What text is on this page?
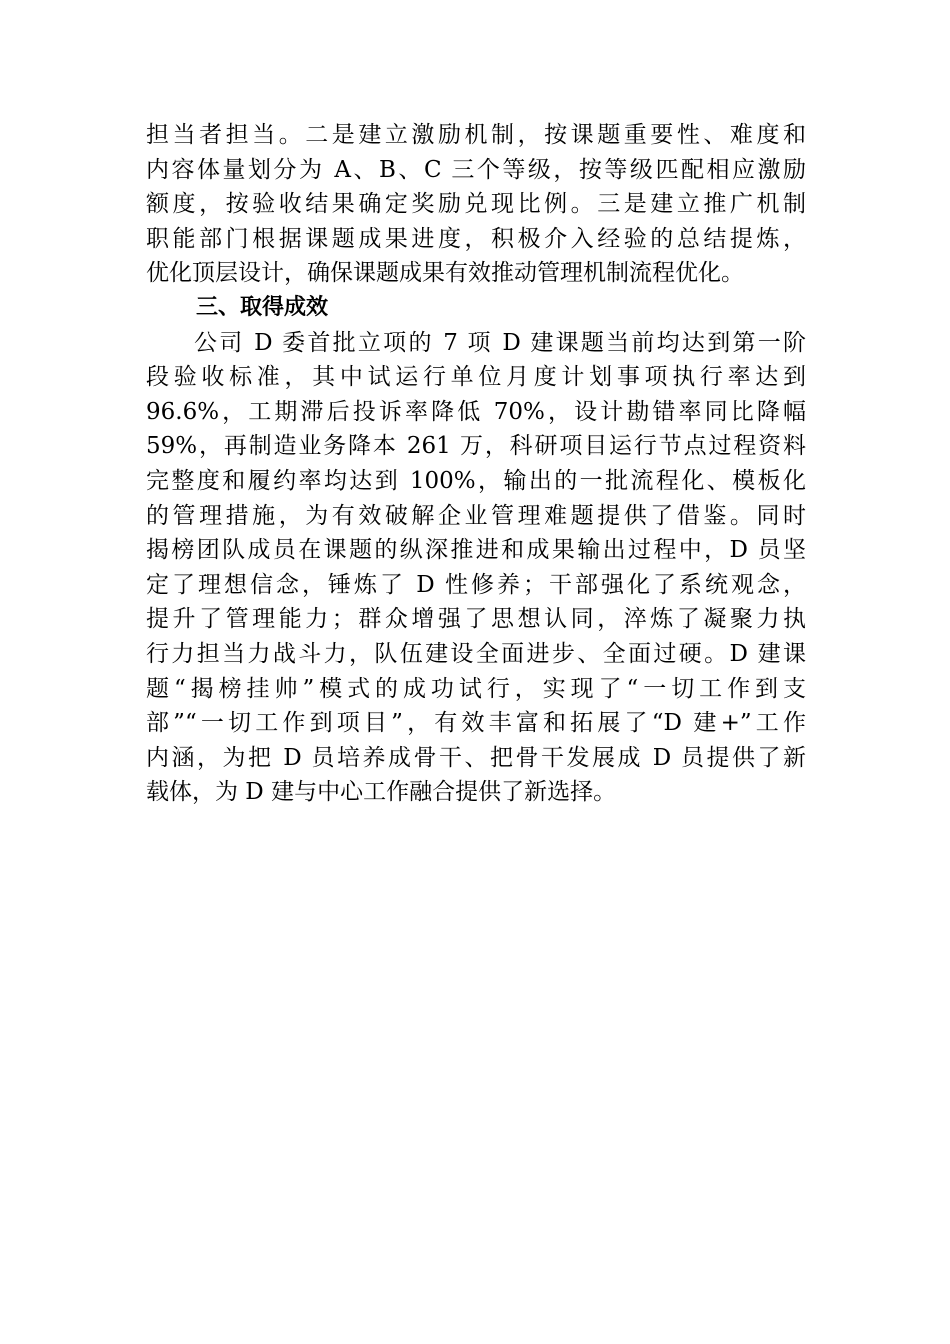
担当者担当。二是建立激励机制，按课题重要性、难度和
内容体量划分为 A、B、C 三个等级，按等级匹配相应激励
额度，按验收结果确定奖励兑现比例。三是建立推广机制
职能部门根据课题成果进度，积极介入经验的总结提炼，
优化顶层设计，确保课题成果有效推动管理机制流程优化。
三、取得成效
公司 D 委首批立项的 7 项 D 建课题当前均达到第一阶
段验收标准，其中试运行单位月度计划事项执行率达到
96.6%，工期滞后投诉率降低 70%，设计勘错率同比降幅
59%，再制造业务降本 261 万，科研项目运行节点过程资料
完整度和履约率均达到 100%，输出的一批流程化、模板化
的管理措施，为有效破解企业管理难题提供了借鉴。同时
揭榜团队成员在课题的纵深推进和成果输出过程中，D 员坚
定了理想信念，锤炼了 D 性修养；干部强化了系统观念，
提升了管理能力；群众增强了思想认同，淬炼了凝聚力执
行力担当力战斗力，队伍建设全面进步、全面过硬。D 建课
题“揭榜挂帅”模式的成功试行，实现了“一切工作到支
部”“一切工作到项目”，有效丰富和拓展了“D 建+”工作
内涵，为把 D 员培养成骨干、把骨干发展成 D 员提供了新
载体，为 D 建与中心工作融合提供了新选择。
